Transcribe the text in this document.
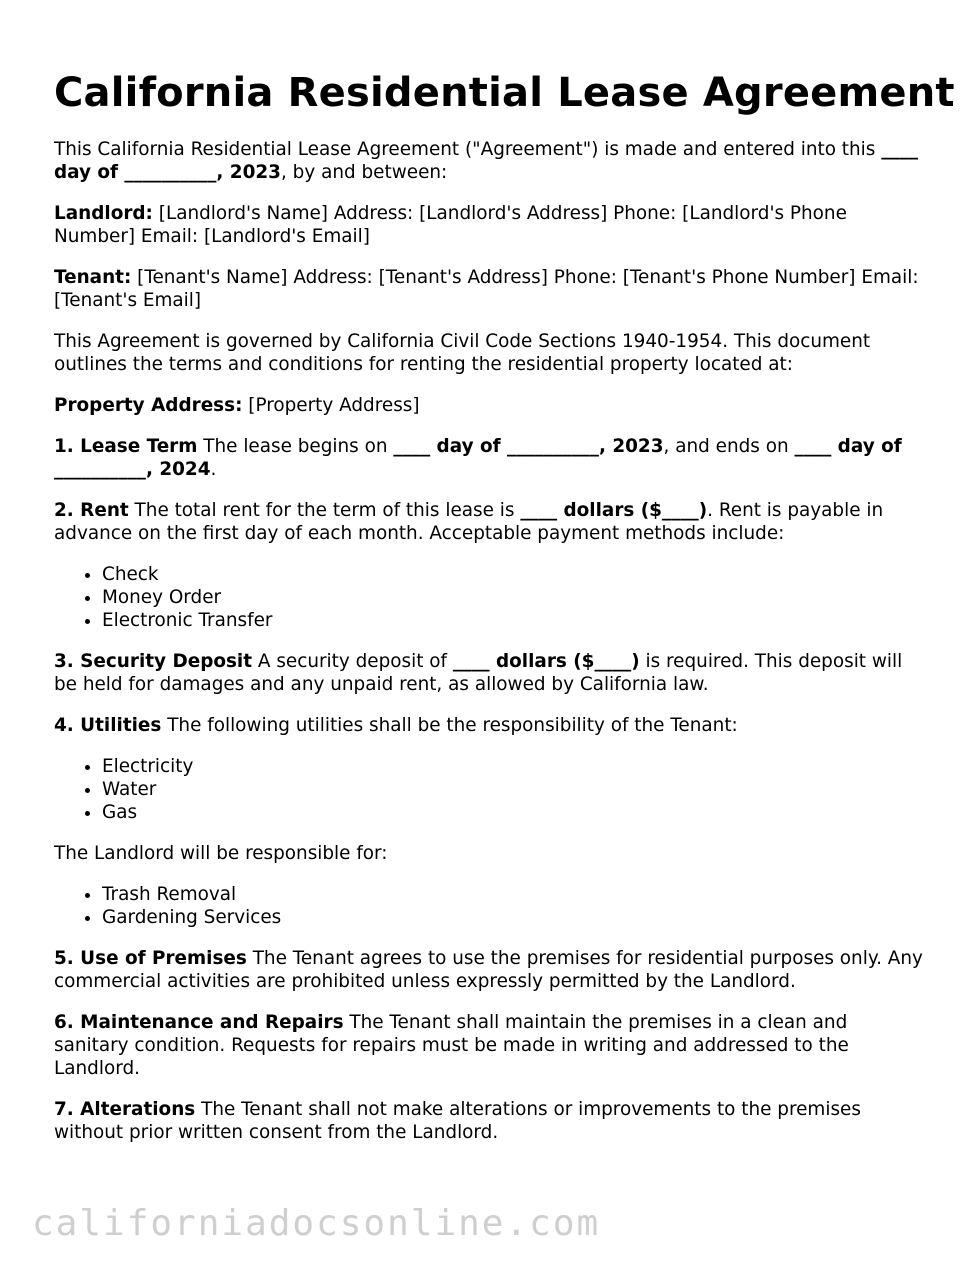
California Residential Lease Agreement

This California Residential Lease Agreement ("Agreement") is made and entered into this ____ day of __________, 2023, by and between:

Landlord: [Landlord's Name] Address: [Landlord's Address] Phone: [Landlord's Phone Number] Email: [Landlord's Email]

Tenant: [Tenant's Name] Address: [Tenant's Address] Phone: [Tenant's Phone Number] Email: [Tenant's Email]

This Agreement is governed by California Civil Code Sections 1940-1954. This document outlines the terms and conditions for renting the residential property located at:

Property Address: [Property Address]

1. Lease Term The lease begins on ____ day of __________, 2023, and ends on ____ day of __________, 2024.

2. Rent The total rent for the term of this lease is ____ dollars ($____). Rent is payable in advance on the first day of each month. Acceptable payment methods include:

• Check
• Money Order
• Electronic Transfer

3. Security Deposit A security deposit of ____ dollars ($____) is required. This deposit will be held for damages and any unpaid rent, as allowed by California law.

4. Utilities The following utilities shall be the responsibility of the Tenant:

• Electricity
• Water
• Gas

The Landlord will be responsible for:

• Trash Removal
• Gardening Services

5. Use of Premises The Tenant agrees to use the premises for residential purposes only. Any commercial activities are prohibited unless expressly permitted by the Landlord.

6. Maintenance and Repairs The Tenant shall maintain the premises in a clean and sanitary condition. Requests for repairs must be made in writing and addressed to the Landlord.

7. Alterations The Tenant shall not make alterations or improvements to the premises without prior written consent from the Landlord.

californiadocsonline.com
